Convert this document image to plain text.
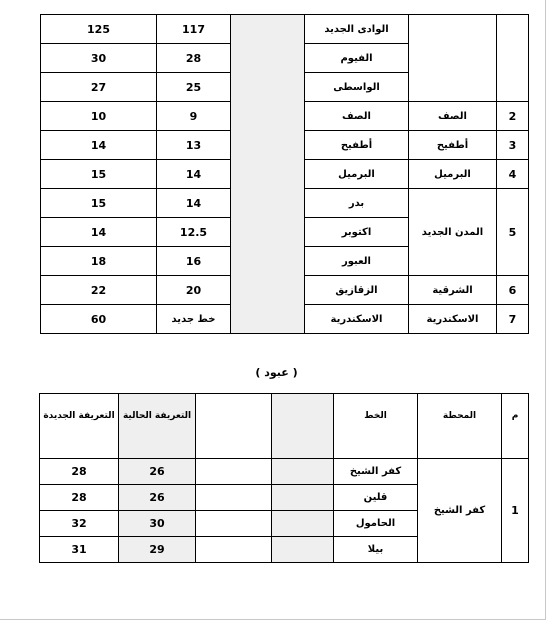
		الوادى الجديد		117	125
		الفيوم		28	30
		الواسطى		25	27
2	الصف	الصف		9	10
3	أطفيح	أطفيح		13	14
4	البرميل	البرميل		14	15
5	المدن الجديد	بدر		14	15
		اكتوبر		12.5	14
		العبور		16	18
6	الشرقية	الزقازيق		20	22
7	الاسكندرية	الاسكندرية		خط جديد	60
( عبود )
م	المحطة	الخط			التعريفة الحالية	التعريفة الجديدة
1	كفر الشيخ	كفر الشيخ			26	28
		قلين			26	28
		الحامول			30	32
		بيلا			29	31
